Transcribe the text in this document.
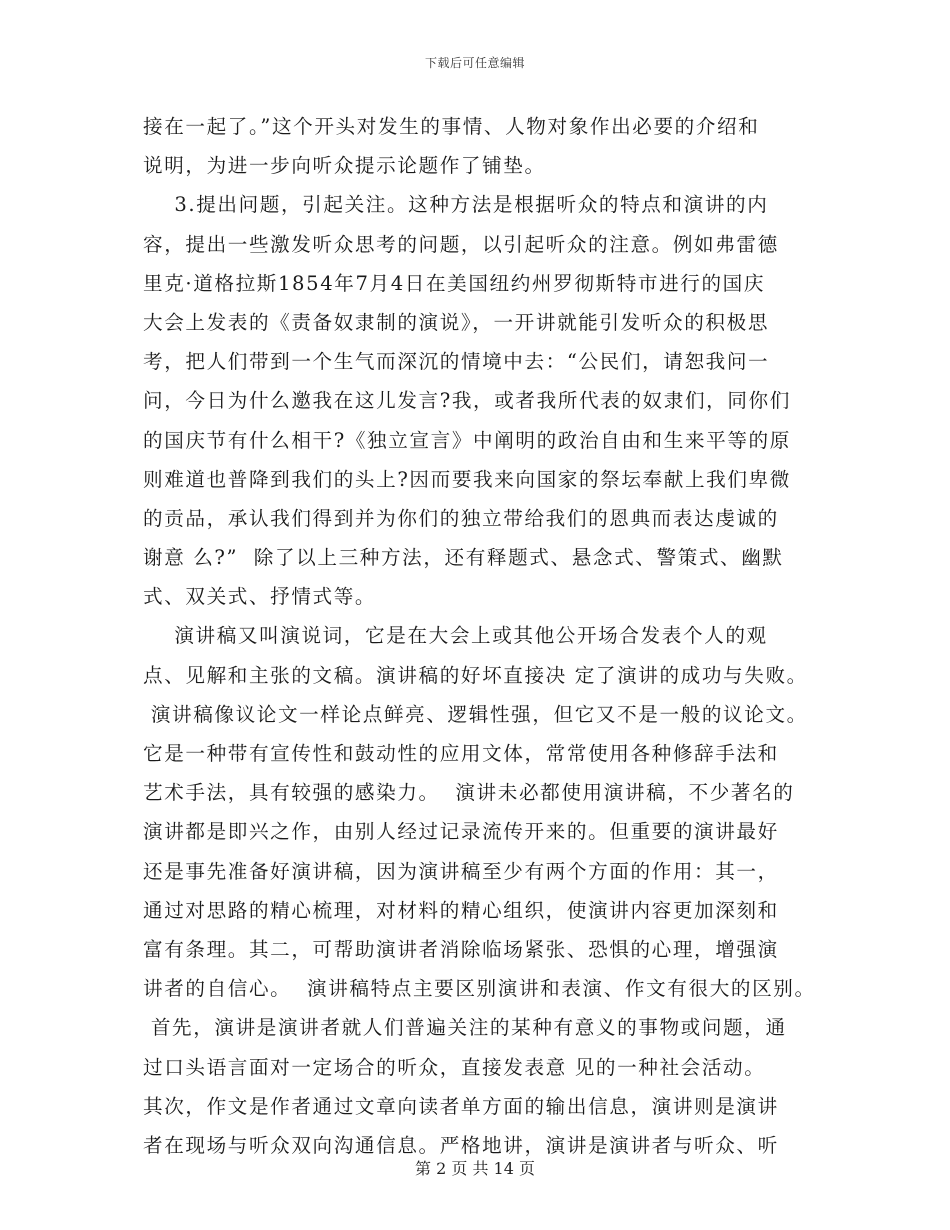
下载后可任意编辑
接在一起了。”这个开头对发生的事情、人物对象作出必要的介绍和
说明，为进一步向听众提示论题作了铺垫。
3.提出问题，引起关注。这种方法是根据听众的特点和演讲的内
容，提出一些激发听众思考的问题，以引起听众的注意。例如弗雷德
里克·道格拉斯1854年7月4日在美国纽约州罗彻斯特市进行的国庆
大会上发表的《责备奴隶制的演说》，一开讲就能引发听众的积极思
考，把人们带到一个生气而深沉的情境中去：“公民们，请恕我问一
问，今日为什么邀我在这儿发言?我，或者我所代表的奴隶们，同你们
的国庆节有什么相干?《独立宣言》中阐明的政治自由和生来平等的原
则难道也普降到我们的头上?因而要我来向国家的祭坛奉献上我们卑微
的贡品，承认我们得到并为你们的独立带给我们的恩典而表达虔诚的
谢意 么?”  除了以上三种方法，还有释题式、悬念式、警策式、幽默
式、双关式、抒情式等。
演讲稿又叫演说词，它是在大会上或其他公开场合发表个人的观
点、见解和主张的文稿。演讲稿的好坏直接决 定了演讲的成功与失败。
演讲稿像议论文一样论点鲜亮、逻辑性强，但它又不是一般的议论文。
它是一种带有宣传性和鼓动性的应用文体，常常使用各种修辞手法和
艺术手法，具有较强的感染力。  演讲未必都使用演讲稿，不少著名的
演讲都是即兴之作，由别人经过记录流传开来的。但重要的演讲最好
还是事先准备好演讲稿，因为演讲稿至少有两个方面的作用：其一，
通过对思路的精心梳理，对材料的精心组织，使演讲内容更加深刻和
富有条理。其二，可帮助演讲者消除临场紧张、恐惧的心理，增强演
讲者的自信心。  演讲稿特点主要区别演讲和表演、作文有很大的区别。
首先，演讲是演讲者就人们普遍关注的某种有意义的事物或问题，通
过口头语言面对一定场合的听众，直接发表意 见的一种社会活动。
其次，作文是作者通过文章向读者单方面的输出信息，演讲则是演讲
者在现场与听众双向沟通信息。严格地讲，演讲是演讲者与听众、听
第 2 页 共 14 页
